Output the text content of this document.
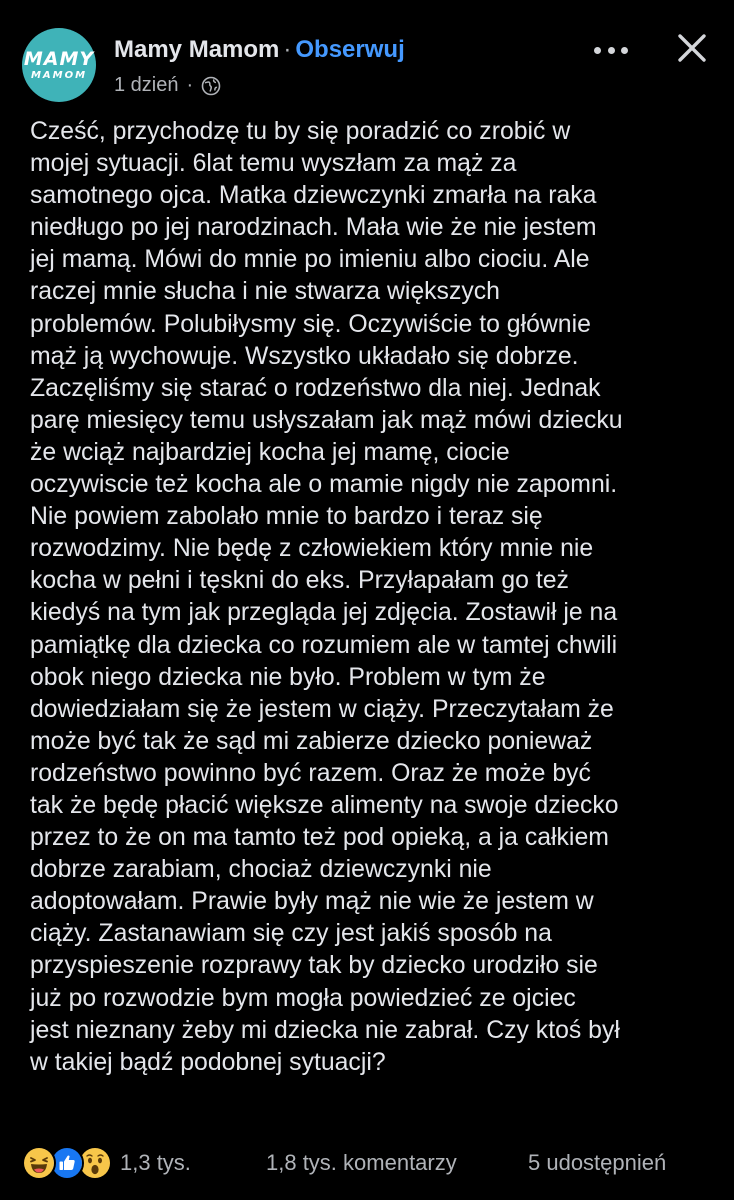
MAMY
MAMOM
Mamy Mamom · Obserwuj
1 dzień ·
Cześć, przychodzę tu by się poradzić co zrobić w
mojej sytuacji. 6lat temu wyszłam za mąż za
samotnego ojca. Matka dziewczynki zmarła na raka
niedługo po jej narodzinach. Mała wie że nie jestem
jej mamą. Mówi do mnie po imieniu albo ciociu. Ale
raczej mnie słucha i nie stwarza większych
problemów. Polubiłysmy się. Oczywiście to głównie
mąż ją wychowuje. Wszystko układało się dobrze.
Zaczęliśmy się starać o rodzeństwo dla niej. Jednak
parę miesięcy temu usłyszałam jak mąż mówi dziecku
że wciąż najbardziej kocha jej mamę, ciocie
oczywiscie też kocha ale o mamie nigdy nie zapomni.
Nie powiem zabolało mnie to bardzo i teraz się
rozwodzimy. Nie będę z człowiekiem który mnie nie
kocha w pełni i tęskni do eks. Przyłapałam go też
kiedyś na tym jak przegląda jej zdjęcia. Zostawił je na
pamiątkę dla dziecka co rozumiem ale w tamtej chwili
obok niego dziecka nie było. Problem w tym że
dowiedziałam się że jestem w ciąży. Przeczytałam że
może być tak że sąd mi zabierze dziecko ponieważ
rodzeństwo powinno być razem. Oraz że może być
tak że będę płacić większe alimenty na swoje dziecko
przez to że on ma tamto też pod opieką, a ja całkiem
dobrze zarabiam, chociaż dziewczynki nie
adoptowałam. Prawie były mąż nie wie że jestem w
ciąży. Zastanawiam się czy jest jakiś sposób na
przyspieszenie rozprawy tak by dziecko urodziło sie
już po rozwodzie bym mogła powiedzieć ze ojciec
jest nieznany żeby mi dziecka nie zabrał. Czy ktoś był
w takiej bądź podobnej sytuacji?
1,3 tys.	1,8 tys. komentarzy	5 udostępnień
